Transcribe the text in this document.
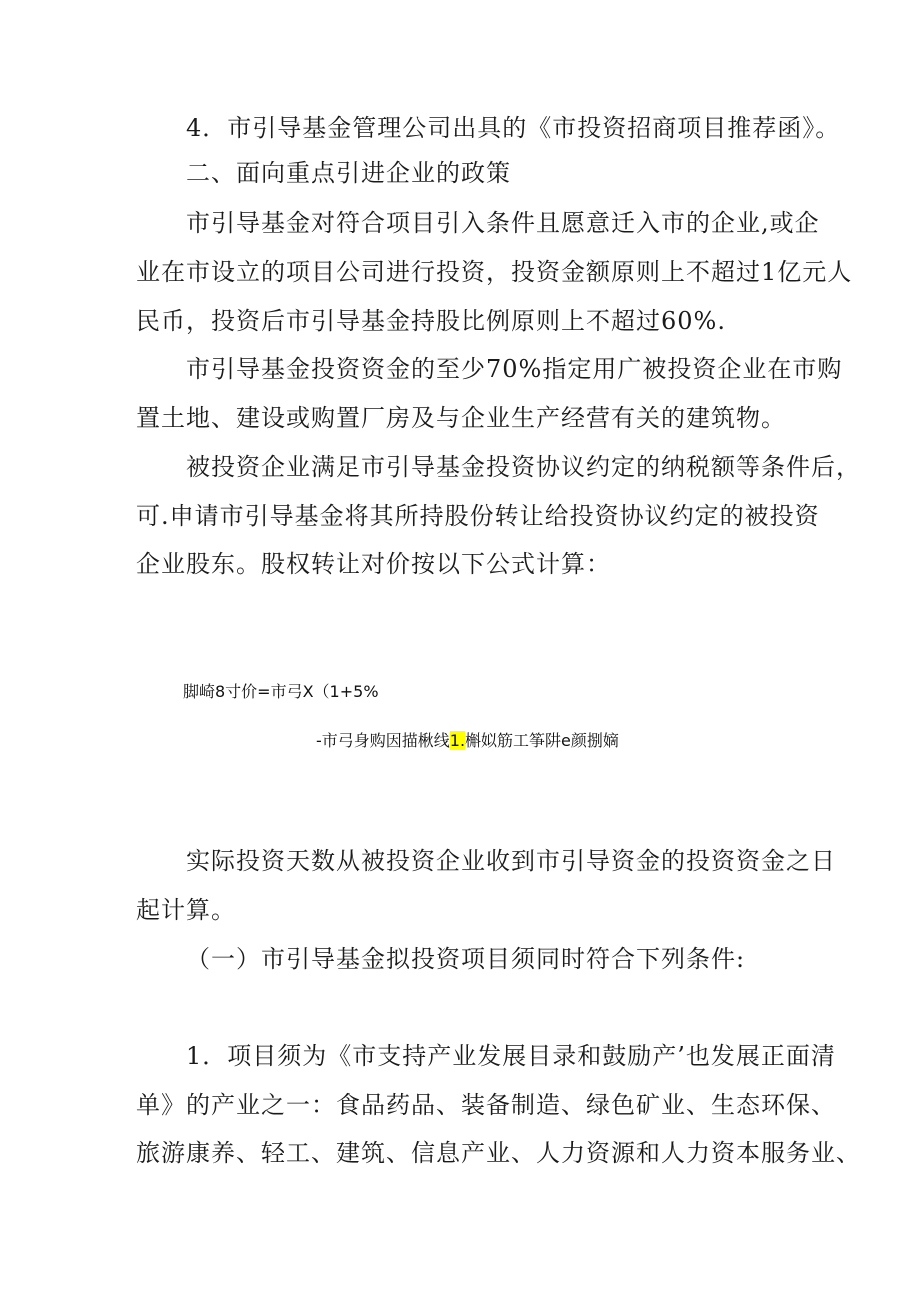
4．市引导基金管理公司出具的《市投资招商项目推荐函》。
二、面向重点引进企业的政策
市引导基金对符合项目引入条件且愿意迁入市的企业,或企
业在市设立的项目公司进行投资，投资金额原则上不超过1亿元人
民币，投资后市引导基金持股比例原则上不超过60%.
市引导基金投资资金的至少70%指定用广被投资企业在市购
置土地、建设或购置厂房及与企业生产经营有关的建筑物。
被投资企业满足市引导基金投资协议约定的纳税额等条件后，
可.申请市引导基金将其所持股份转让给投资协议约定的被投资
企业股东。股权转让对价按以下公式计算：
脚崎8寸价=市弓X（1+5%
-市弓身购因描楸线1.槲姒筋工筝阱e颜捌嫡
实际投资天数从被投资企业收到市引导资金的投资资金之日
起计算。
（一）市引导基金拟投资项目须同时符合下列条件:
1．项目须为《市支持产业发展目录和鼓励产’也发展正面清
单》的产业之一：食品药品、装备制造、绿色矿业、生态环保、
旅游康养、轻工、建筑、信息产业、人力资源和人力资本服务业、
